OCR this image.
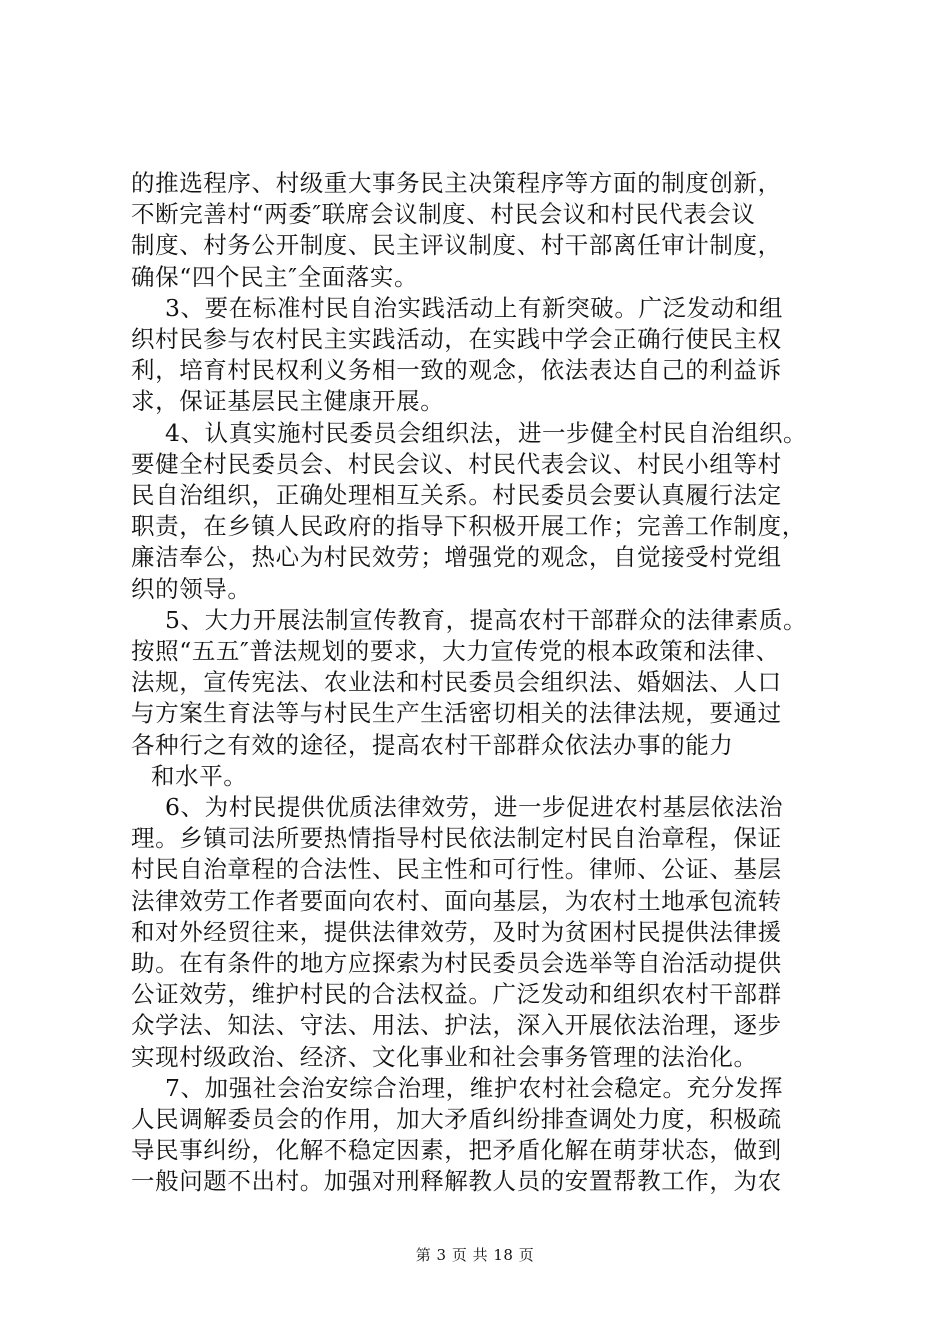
的推选程序、村级重大事务民主决策程序等方面的制度创新，
不断完善村“两委″联席会议制度、村民会议和村民代表会议
制度、村务公开制度、民主评议制度、村干部离任审计制度，
确保“四个民主″全面落实。
3、要在标准村民自治实践活动上有新突破。广泛发动和组
织村民参与农村民主实践活动，在实践中学会正确行使民主权
利，培育村民权利义务相一致的观念，依法表达自己的利益诉
求，保证基层民主健康开展。
4、认真实施村民委员会组织法，进一步健全村民自治组织。
要健全村民委员会、村民会议、村民代表会议、村民小组等村
民自治组织，正确处理相互关系。村民委员会要认真履行法定
职责，在乡镇人民政府的指导下积极开展工作；完善工作制度，
廉洁奉公，热心为村民效劳；增强党的观念，自觉接受村党组
织的领导。
5、大力开展法制宣传教育，提高农村干部群众的法律素质。
按照“五五″普法规划的要求，大力宣传党的根本政策和法律、
法规，宣传宪法、农业法和村民委员会组织法、婚姻法、人口
与方案生育法等与村民生产生活密切相关的法律法规，要通过
各种行之有效的途径，提高农村干部群众依法办事的能力
和水平。
6、为村民提供优质法律效劳，进一步促进农村基层依法治
理。乡镇司法所要热情指导村民依法制定村民自治章程，保证
村民自治章程的合法性、民主性和可行性。律师、公证、基层
法律效劳工作者要面向农村、面向基层，为农村土地承包流转
和对外经贸往来，提供法律效劳，及时为贫困村民提供法律援
助。在有条件的地方应探索为村民委员会选举等自治活动提供
公证效劳，维护村民的合法权益。广泛发动和组织农村干部群
众学法、知法、守法、用法、护法，深入开展依法治理，逐步
实现村级政治、经济、文化事业和社会事务管理的法治化。
7、加强社会治安综合治理，维护农村社会稳定。充分发挥
人民调解委员会的作用，加大矛盾纠纷排查调处力度，积极疏
导民事纠纷，化解不稳定因素，把矛盾化解在萌芽状态，做到
一般问题不出村。加强对刑释解教人员的安置帮教工作，为农
第 3 页 共 18 页
